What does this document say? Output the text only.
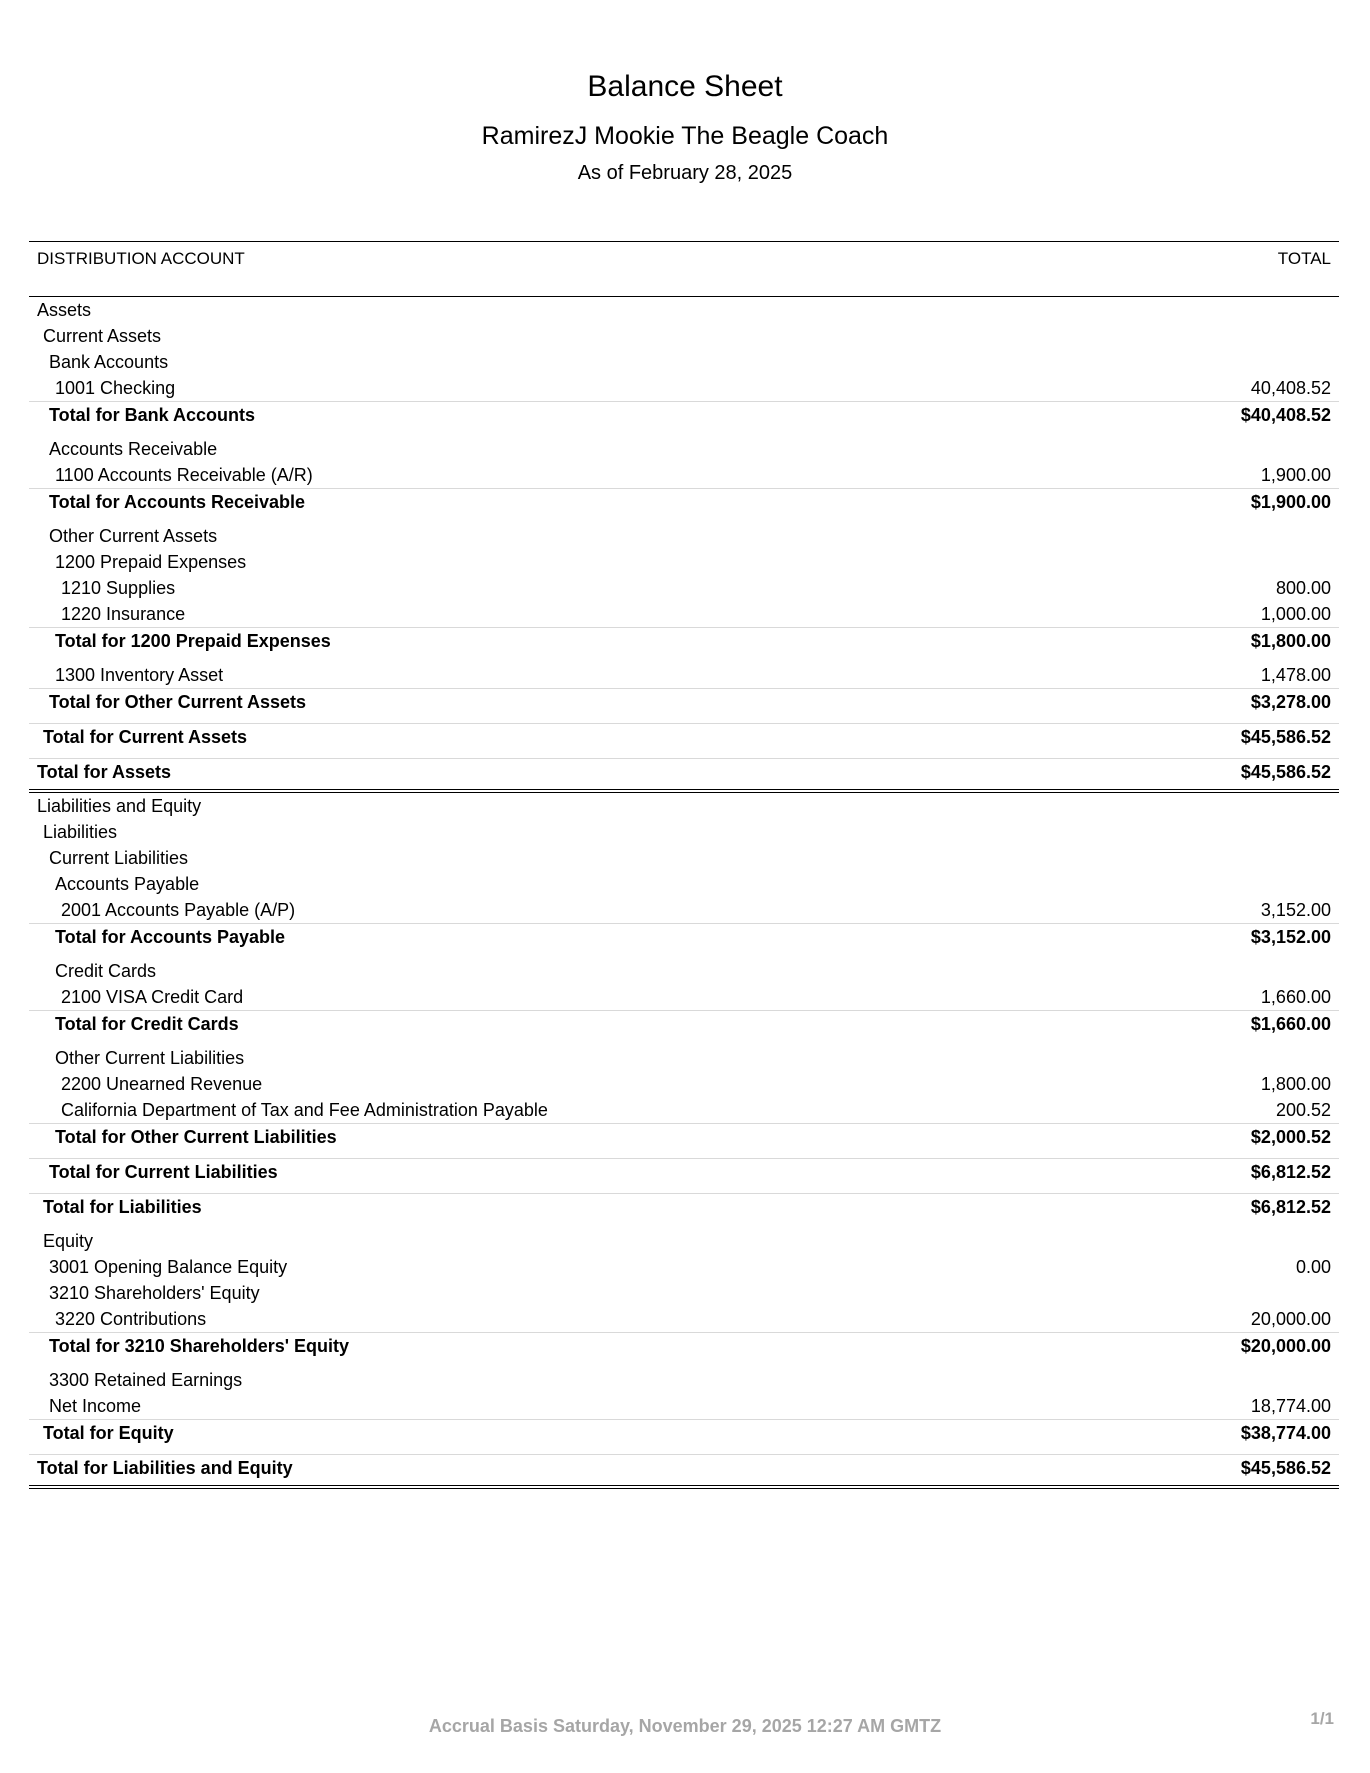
Balance Sheet
RamirezJ Mookie The Beagle Coach
As of February 28, 2025
DISTRIBUTION ACCOUNT	TOTAL
Assets
Current Assets
Bank Accounts
1001 Checking	40,408.52
Total for Bank Accounts	$40,408.52
Accounts Receivable
1100 Accounts Receivable (A/R)	1,900.00
Total for Accounts Receivable	$1,900.00
Other Current Assets
1200 Prepaid Expenses
1210 Supplies	800.00
1220 Insurance	1,000.00
Total for 1200 Prepaid Expenses	$1,800.00
1300 Inventory Asset	1,478.00
Total for Other Current Assets	$3,278.00
Total for Current Assets	$45,586.52
Total for Assets	$45,586.52
Liabilities and Equity
Liabilities
Current Liabilities
Accounts Payable
2001 Accounts Payable (A/P)	3,152.00
Total for Accounts Payable	$3,152.00
Credit Cards
2100 VISA Credit Card	1,660.00
Total for Credit Cards	$1,660.00
Other Current Liabilities
2200 Unearned Revenue	1,800.00
California Department of Tax and Fee Administration Payable	200.52
Total for Other Current Liabilities	$2,000.52
Total for Current Liabilities	$6,812.52
Total for Liabilities	$6,812.52
Equity
3001 Opening Balance Equity	0.00
3210 Shareholders' Equity
3220 Contributions	20,000.00
Total for 3210 Shareholders' Equity	$20,000.00
3300 Retained Earnings
Net Income	18,774.00
Total for Equity	$38,774.00
Total for Liabilities and Equity	$45,586.52
Accrual Basis Saturday, November 29, 2025 12:27 AM GMTZ	1/1
